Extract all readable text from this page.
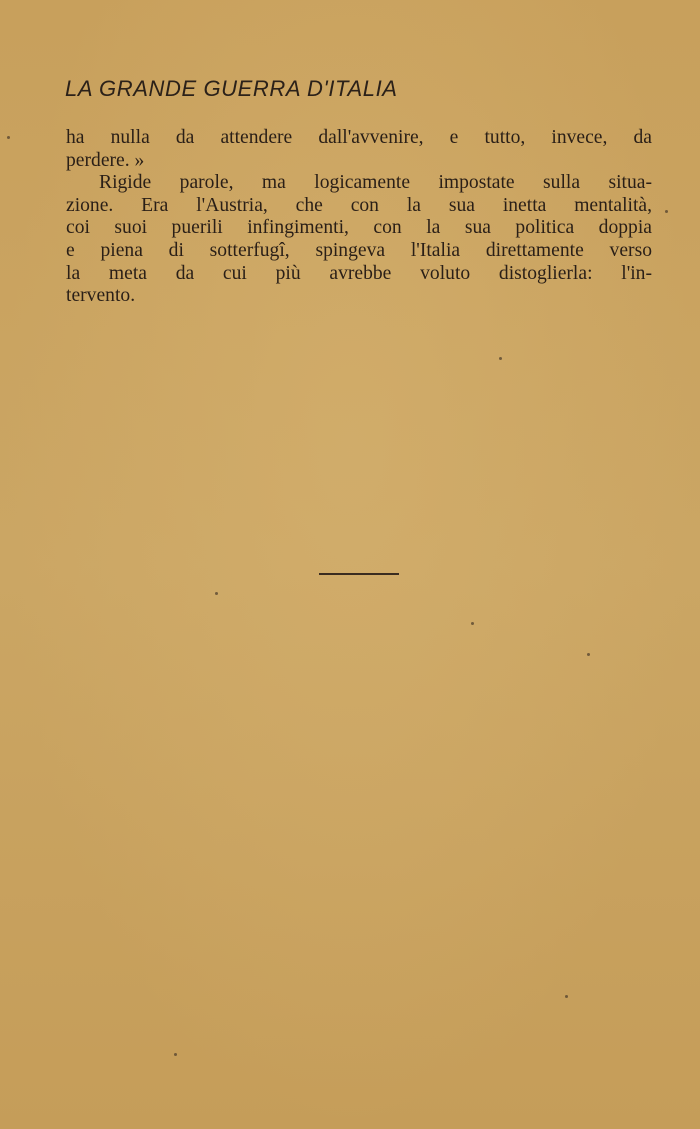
LA GRANDE GUERRA D'ITALIA
ha nulla da attendere dall'avvenire, e tutto, invece, da
perdere. »
Rigide parole, ma logicamente impostate sulla situa-
zione. Era l'Austria, che con la sua inetta mentalità,
coi suoi puerili infingimenti, con la sua politica doppia
e piena di sotterfugî, spingeva l'Italia direttamente verso
la meta da cui più avrebbe voluto distoglierla: l'in-
tervento.
